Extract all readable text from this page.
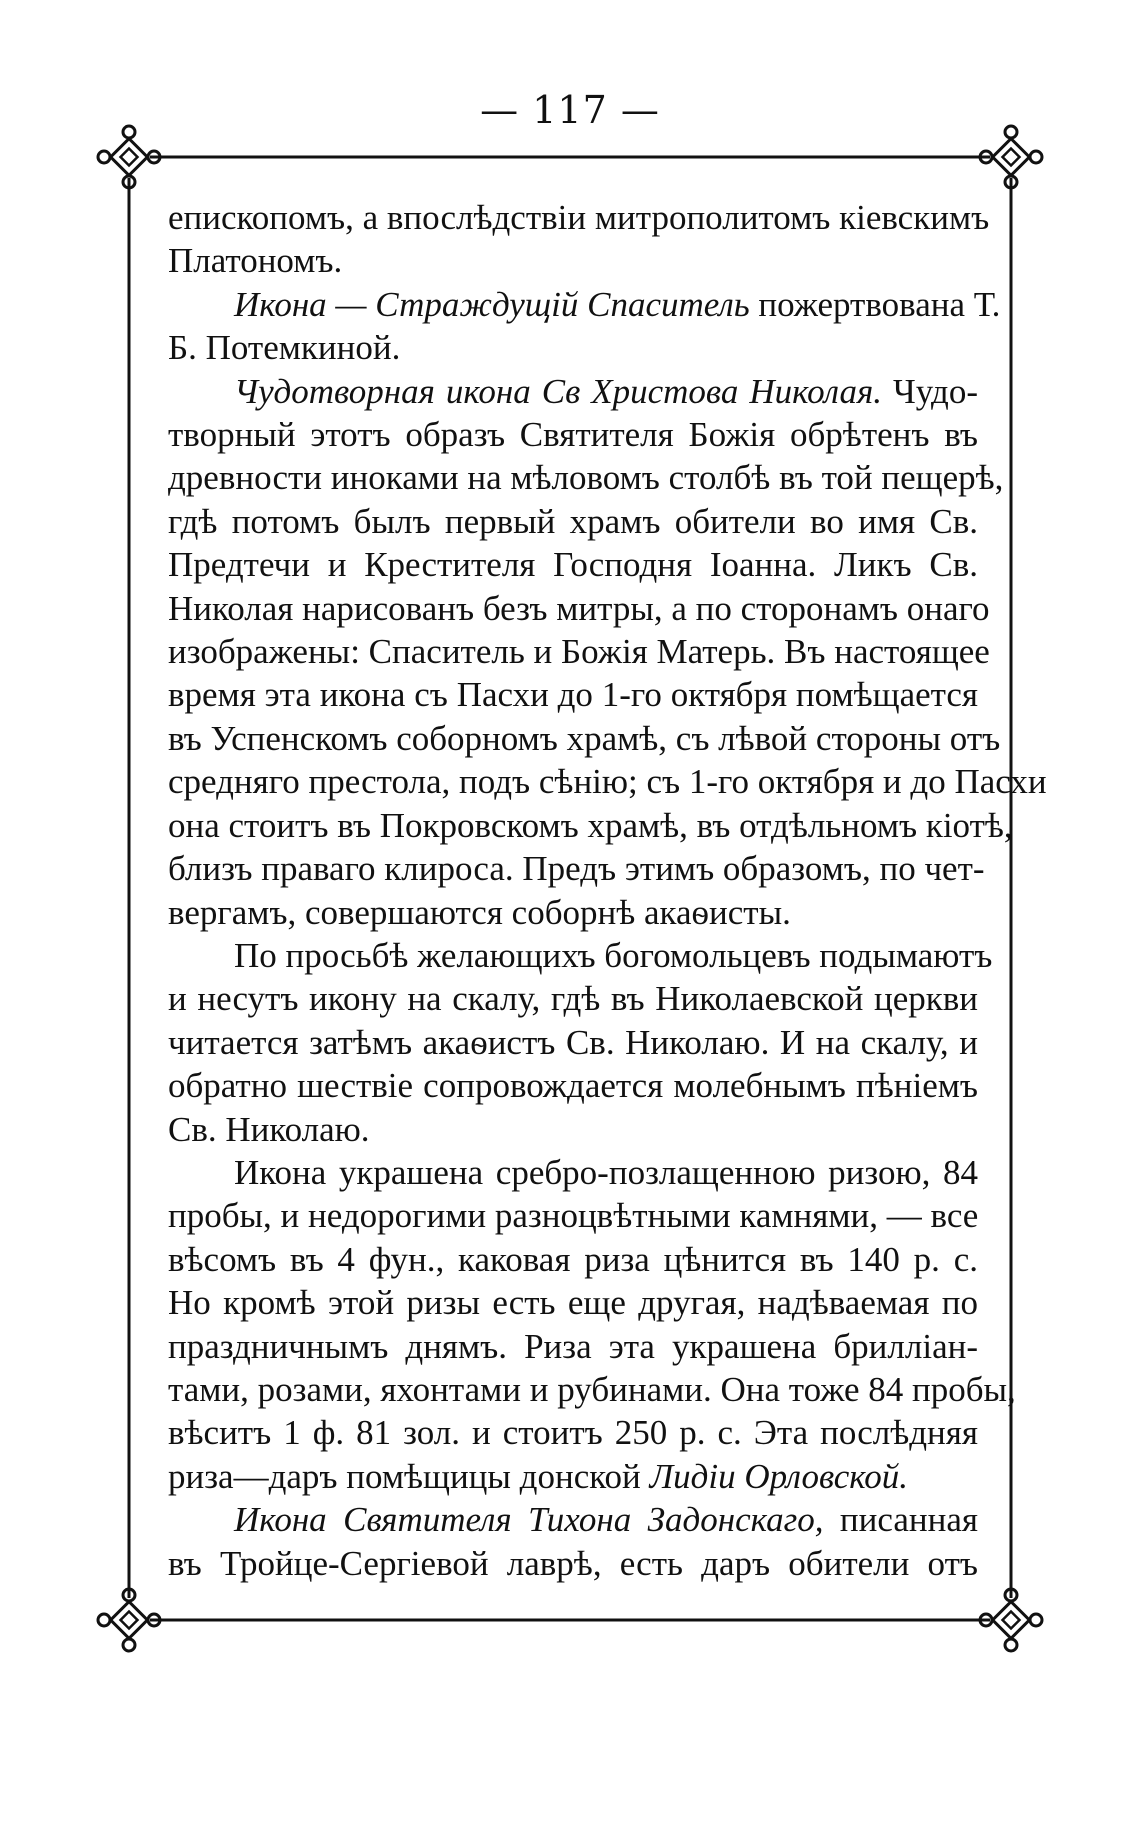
— 117 —
епископомъ, а впослѣдствіи митрополитомъ кіевскимъ
Платономъ.
Икона — Страждущій Спаситель пожертвована Т.
Б. Потемкиной.
Чудотворная икона Св Христова Николая. Чудо-
творный этотъ образъ Святителя Божія обрѣтенъ въ
древности иноками на мѣловомъ столбѣ въ той пещерѣ,
гдѣ потомъ былъ первый храмъ обители во имя Св.
Предтечи и Крестителя Господня Іоанна. Ликъ Св.
Николая нарисованъ безъ митры, а по сторонамъ онаго
изображены: Спаситель и Божія Матерь. Въ настоящее
время эта икона съ Пасхи до 1-го октября помѣщается
въ Успенскомъ соборномъ храмѣ, съ лѣвой стороны отъ
средняго престола, подъ сѣнію; съ 1-го октября и до Пасхи
она стоитъ въ Покровскомъ храмѣ, въ отдѣльномъ кіотѣ,
близъ праваго клироса. Предъ этимъ образомъ, по чет-
вергамъ, совершаются соборнѣ акаѳисты.
По просьбѣ желающихъ богомольцевъ подымаютъ
и несутъ икону на скалу, гдѣ въ Николаевской церкви
читается затѣмъ акаѳистъ Св. Николаю. И на скалу, и
обратно шествіе сопровождается молебнымъ пѣніемъ
Св. Николаю.
Икона украшена сребро-позлащенною ризою, 84
пробы, и недорогими разноцвѣтными камнями, — все
вѣсомъ въ 4 фун., каковая риза цѣнится въ 140 р. с.
Но кромѣ этой ризы есть еще другая, надѣваемая по
праздничнымъ днямъ. Риза эта украшена бриллiан-
тами, розами, яхонтами и рубинами. Она тоже 84 пробы,
вѣситъ 1 ф. 81 зол. и стоитъ 250 р. с. Эта послѣдняя
риза—даръ помѣщицы донской Лидіи Орловской.
Икона Святителя Тихона Задонскаго, писанная
въ Тройце-Сергіевой лаврѣ, есть даръ обители отъ
